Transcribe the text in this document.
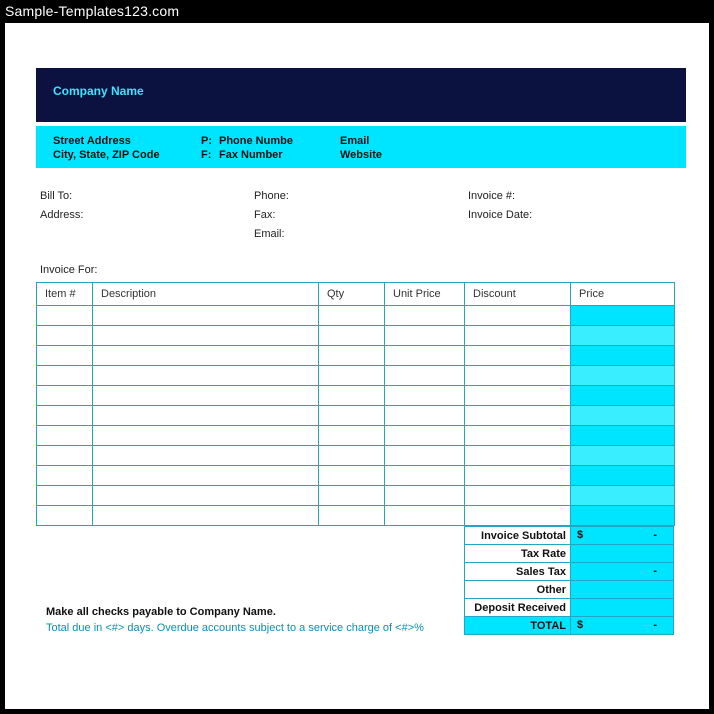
Sample-Templates123.com
Company Name
Street Address
City, State, ZIP Code
P: Phone Numbe
F: Fax Number
Email
Website
Bill To:
Address:
Phone:
Fax:
Email:
Invoice #:
Invoice Date:
Invoice For:
Item #	Description	Qty	Unit Price	Discount	Price

Invoice Subtotal	$ -

Tax Rate	
Sales Tax	-

Other	
Deposit Received	
TOTAL	$ -
Make all checks payable to Company Name.
Total due in <#> days. Overdue accounts subject to a service charge of <#>%
